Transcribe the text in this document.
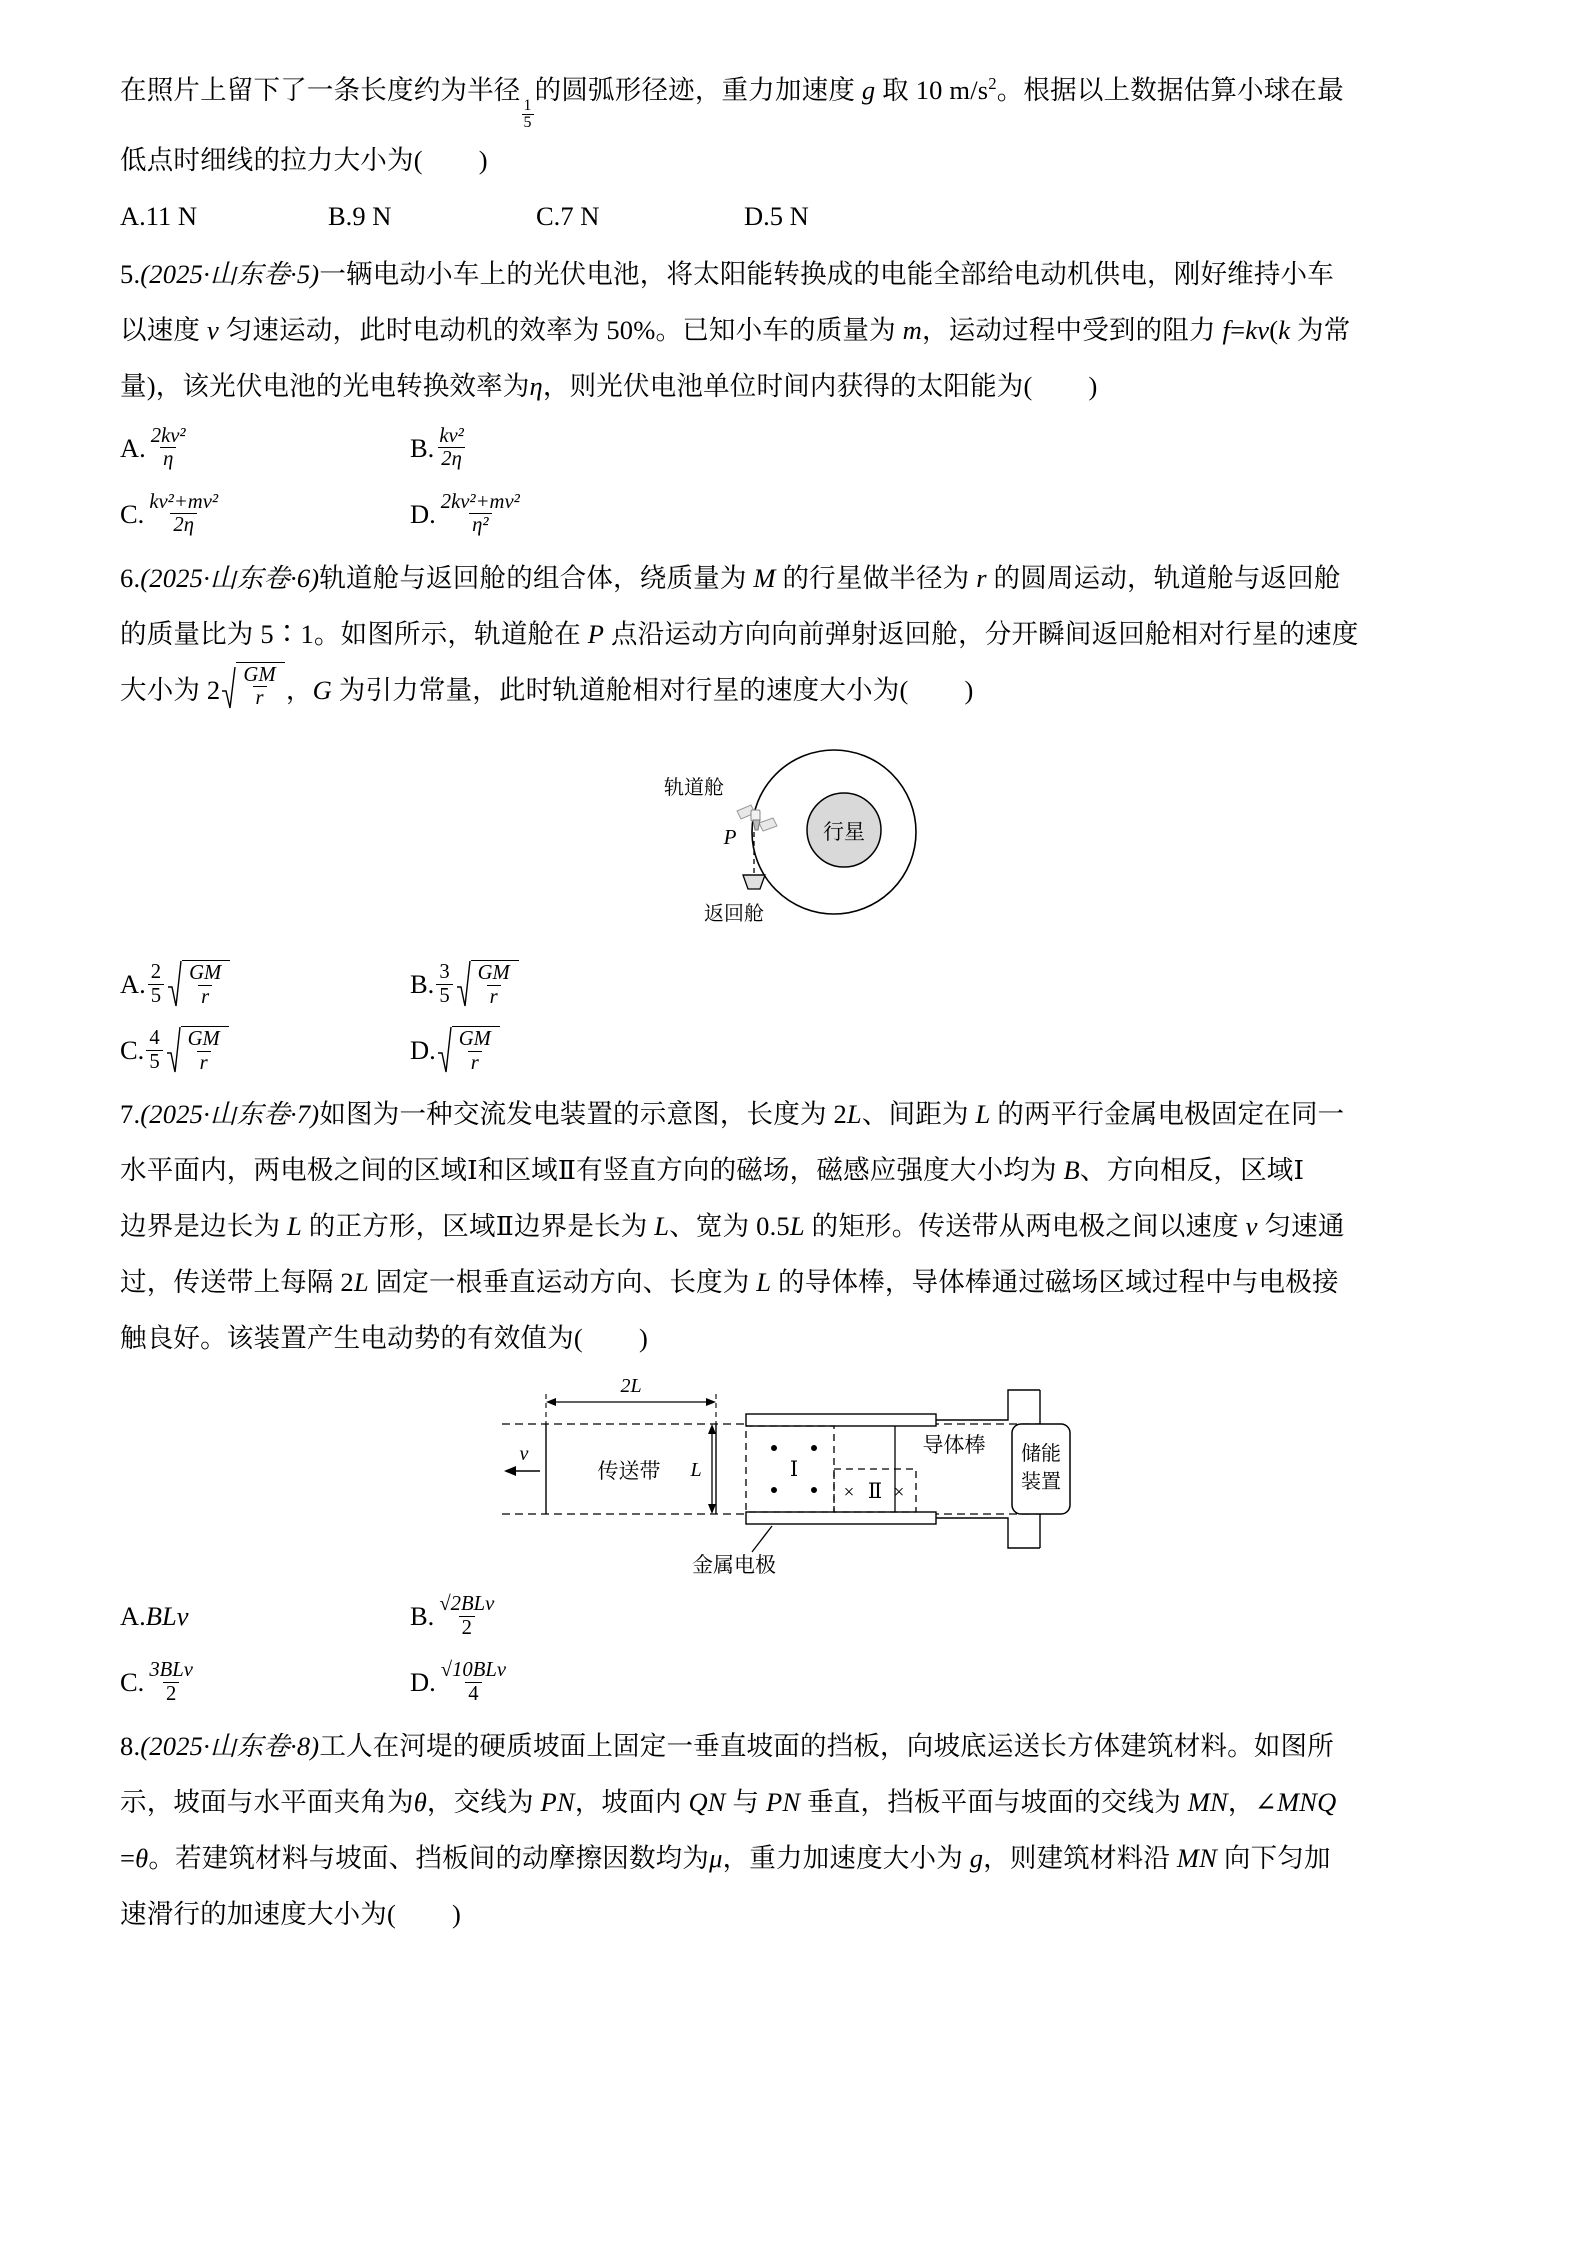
在照片上留下了一条长度约为半径
$\frac{1}{5}$
的圆弧形径迹，重力加速度 g 取 10 $m/s^2$。根据以上数据估算小球在最
低点时细线的拉力大小为( )
A. 11 N	B. 9 N	C. 7 N	D. 5 N
5.(2025·山东卷·5)一辆电动小车上的光伏电池，将太阳能转换成的电能全部给电动机供电，刚好维持小车
以速度 v 匀速运动，此时电动机的效率为 50%。已知小车的质量为 m，运动过程中受到的阻力 f=kv(k 为常
量)，该光伏电池的光电转换效率为η，则光伏电池单位时间内获得的太阳能为( )
A. $\frac{\text{2kv²}}{\eta}$	B. $\frac{\text{kv²}}{2\eta}$
C. $\frac{\text{kv²+mv²}}{2\eta}$	D. $\frac{\text{2kv²+mv²}}{\text{η²}}$
6.(2025·山东卷·6)轨道舱与返回舱的组合体，绕质量为 M 的行星做半径为 r 的圆周运动，轨道舱与返回舱
的质量比为 5∶1。如图所示，轨道舱在 P 点沿运动方向向前弹射返回舱，分开瞬间返回舱相对行星的速度
大小为 $2 \frac{GM}{r}$ ，G 为引力常量，此时轨道舱相对行星的速度大小为( )
行星
轨道舱
P
返回舱
A. $\frac{2}{5} \frac{GM}{r}$	B. $\frac{3}{5} \frac{GM}{r}$
C. $\frac{4}{5} \frac{GM}{r}$	D. $\frac{GM}{r}$
7.(2025·山东卷·7)如图为一种交流发电装置的示意图，长度为 2L、间距为 L 的两平行金属电极固定在同一
水平面内，两电极之间的区域Ⅰ和区域Ⅱ有竖直方向的磁场，磁感应强度大小均为 B、方向相反，区域Ⅰ
边界是边长为 L 的正方形，区域Ⅱ边界是长为 L、宽为 0.5L 的矩形。传送带从两电极之间以速度 v 匀速通
过，传送带上每隔 2L 固定一根垂直运动方向、长度为 L 的导体棒，导体棒通过磁场区域过程中与电极接
触良好。该装置产生电动势的有效值为( )
2L
v
传送带 L	Ⅰ
× Ⅱ ×
导体棒 储能
装置
金属电极
A. BLv	B. $\frac{\text{√2BLv}}{2}$
C. $\frac{\text{3BLv}}{2}$	D. $\frac{\text{√10BLv}}{4}$
8.(2025·山东卷·8)工人在河堤的硬质坡面上固定一垂直坡面的挡板，向坡底运送长方体建筑材料。如图所
示，坡面与水平面夹角为θ，交线为 PN，坡面内 QN 与 PN 垂直，挡板平面与坡面的交线为 MN，∠MNQ
=θ。若建筑材料与坡面、挡板间的动摩擦因数均为μ，重力加速度大小为 g，则建筑材料沿 MN 向下匀加
速滑行的加速度大小为( )
